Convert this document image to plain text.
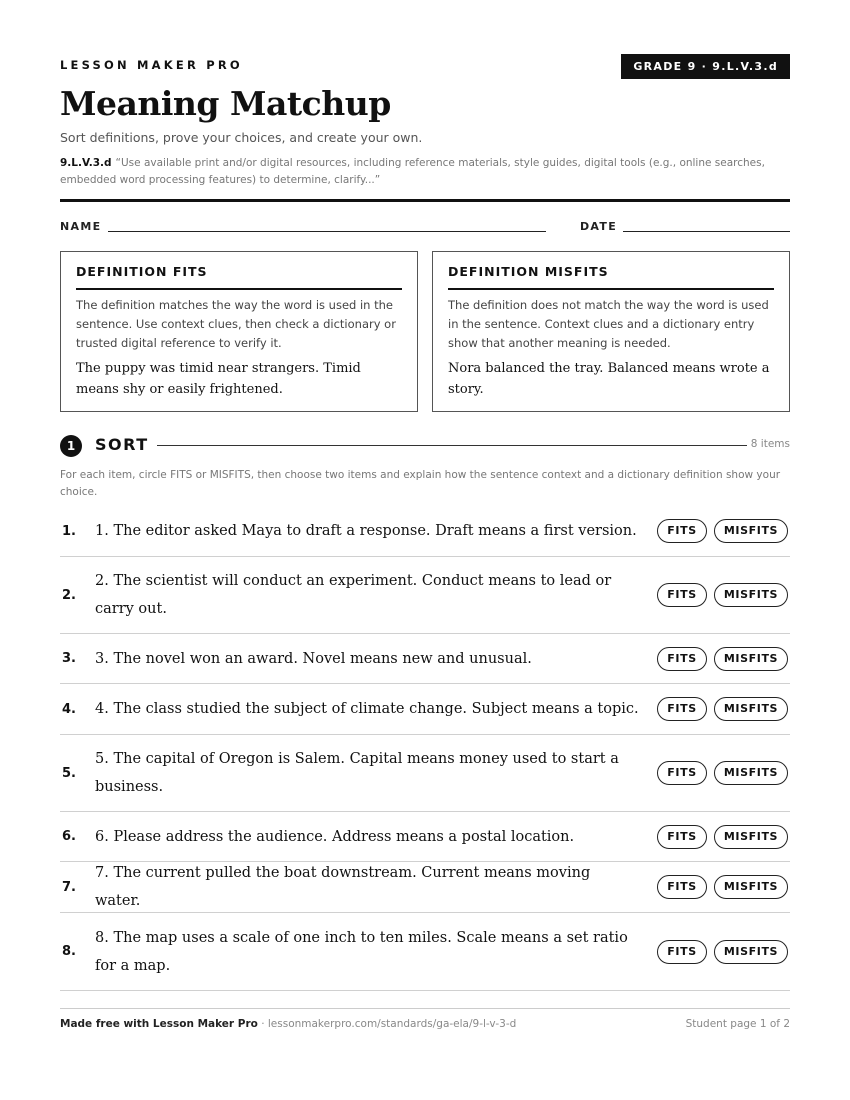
LESSON MAKER PRO	GRADE 9 · 9.L.V.3.d
Meaning Matchup
Sort definitions, prove your choices, and create your own.
9.L.V.3.d “Use available print and/or digital resources, including reference materials, style guides, digital tools (e.g., online searches, embedded word processing features) to determine, clarify...”
NAME	DATE
DEFINITION FITS
The definition matches the way the word is used in the sentence. Use context clues, then check a dictionary or trusted digital reference to verify it.
The puppy was timid near strangers. Timid means shy or easily frightened.
DEFINITION MISFITS
The definition does not match the way the word is used in the sentence. Context clues and a dictionary entry show that another meaning is needed.
Nora balanced the tray. Balanced means wrote a story.
1	SORT	8 items
For each item, circle FITS or MISFITS, then choose two items and explain how the sentence context and a dictionary definition show your choice.
1. 1. The editor asked Maya to draft a response. Draft means a first version.	FITS	MISFITS
2.
2. The scientist will conduct an experiment. Conduct means to lead or carry out.
FITS	MISFITS
3. 3. The novel won an award. Novel means new and unusual.	FITS	MISFITS
4. 4. The class studied the subject of climate change. Subject means a topic.	FITS	MISFITS
5.
5. The capital of Oregon is Salem. Capital means money used to start a business.
FITS	MISFITS
6. 6. Please address the audience. Address means a postal location.	FITS	MISFITS
7.
7. The current pulled the boat downstream. Current means moving water.
FITS	MISFITS
8.
8. The map uses a scale of one inch to ten miles. Scale means a set ratio for a map.
FITS	MISFITS
Made free with Lesson Maker Pro · lessonmakerpro.com/standards/ga-ela/9-l-v-3-d	Student page 1 of 2
